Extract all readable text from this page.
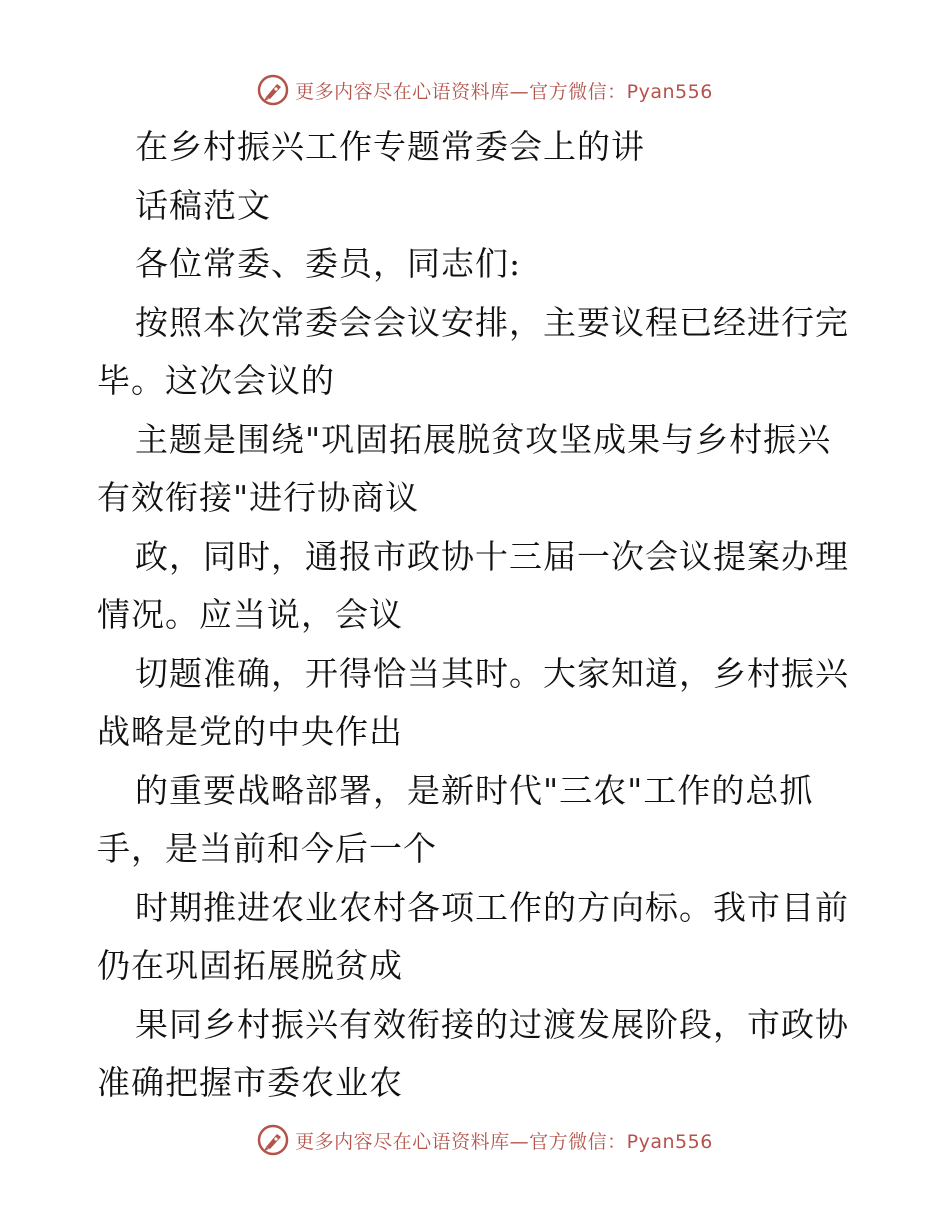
更多内容尽在心语资料库—官方微信：Pyan556
在乡村振兴工作专题常委会上的讲
话稿范文
各位常委、委员，同志们:
按照本次常委会会议安排，主要议程已经进行完
毕。这次会议的
主题是围绕"巩固拓展脱贫攻坚成果与乡村振兴
有效衔接"进行协商议
政，同时，通报市政协十三届一次会议提案办理
情况。应当说，会议
切题准确，开得恰当其时。大家知道，乡村振兴
战略是党的中央作出
的重要战略部署，是新时代"三农"工作的总抓
手，是当前和今后一个
时期推进农业农村各项工作的方向标。我市目前
仍在巩固拓展脱贫成
果同乡村振兴有效衔接的过渡发展阶段，市政协
准确把握市委农业农
更多内容尽在心语资料库—官方微信：Pyan556
